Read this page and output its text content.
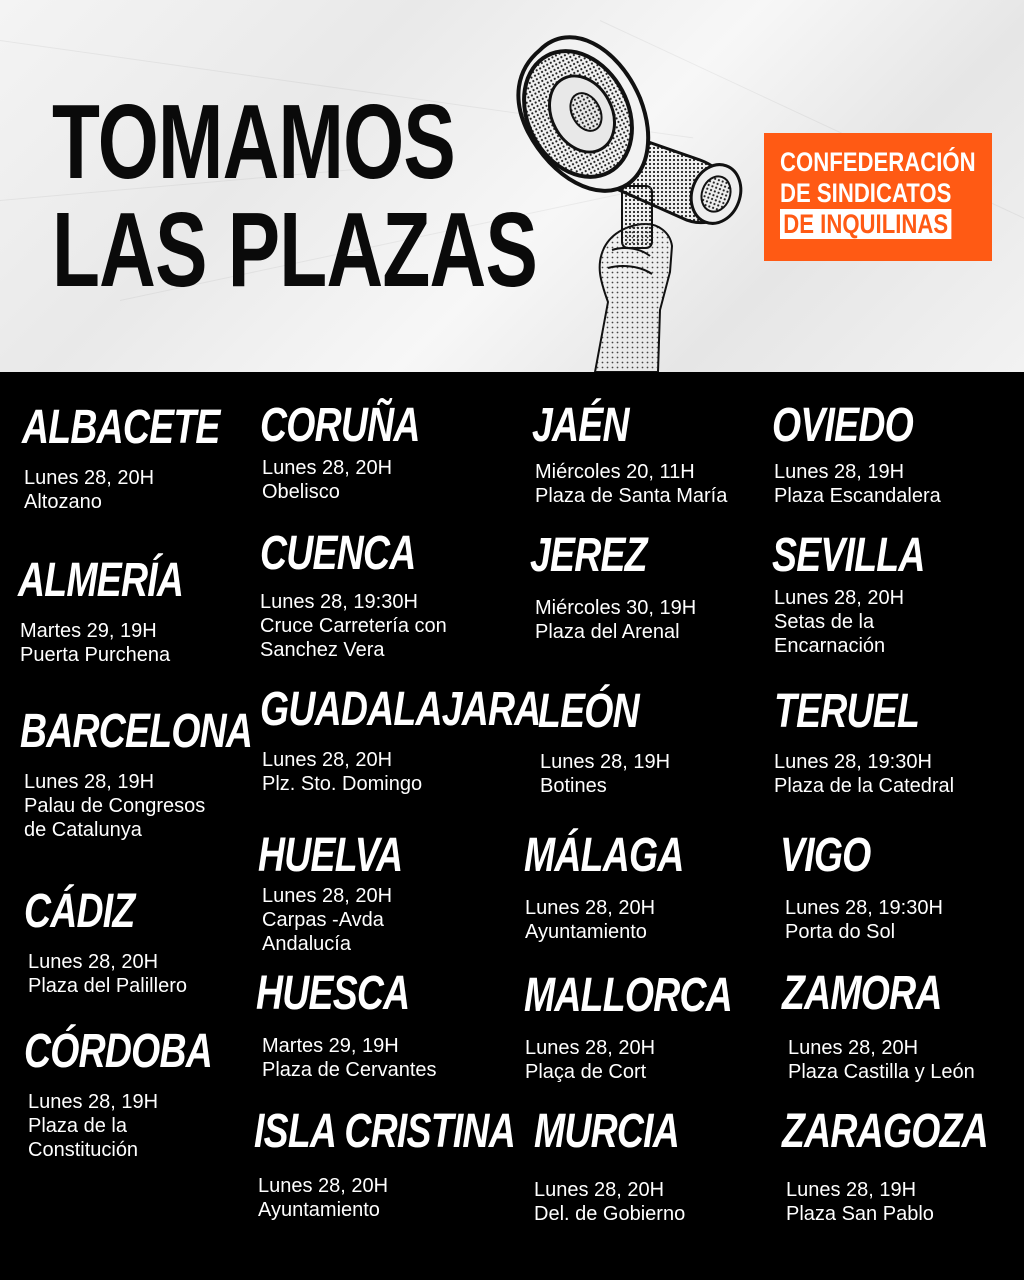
TOMAMOS
LAS PLAZAS
CONFEDERACIÓN
DE SINDICATOS
DE INQUILINAS
ALBACETE
Lunes 28, 20H
Altozano
ALMERÍA
Martes 29, 19H
Puerta Purchena
BARCELONA
Lunes 28, 19H
Palau de Congresos
de Catalunya
CÁDIZ
Lunes 28, 20H
Plaza del Palillero
CÓRDOBA
Lunes 28, 19H
Plaza de la
Constitución
CORUÑA
Lunes 28, 20H
Obelisco
CUENCA
Lunes 28, 19:30H
Cruce Carretería con
Sanchez Vera
GUADALAJARA
Lunes 28, 20H
Plz. Sto. Domingo
HUELVA
Lunes 28, 20H
Carpas -Avda
Andalucía
HUESCA
Martes 29, 19H
Plaza de Cervantes
ISLA CRISTINA
Lunes 28, 20H
Ayuntamiento
JAÉN
Miércoles 20, 11H
Plaza de Santa María
JEREZ
Miércoles 30, 19H
Plaza del Arenal
LEÓN
Lunes 28, 19H
Botines
MÁLAGA
Lunes 28, 20H
Ayuntamiento
MALLORCA
Lunes 28, 20H
Plaça de Cort
MURCIA
Lunes 28, 20H
Del. de Gobierno
OVIEDO
Lunes 28, 19H
Plaza Escandalera
SEVILLA
Lunes 28, 20H
Setas de la
Encarnación
TERUEL
Lunes 28, 19:30H
Plaza de la Catedral
VIGO
Lunes 28, 19:30H
Porta do Sol
ZAMORA
Lunes 28, 20H
Plaza Castilla y León
ZARAGOZA
Lunes 28, 19H
Plaza San Pablo
